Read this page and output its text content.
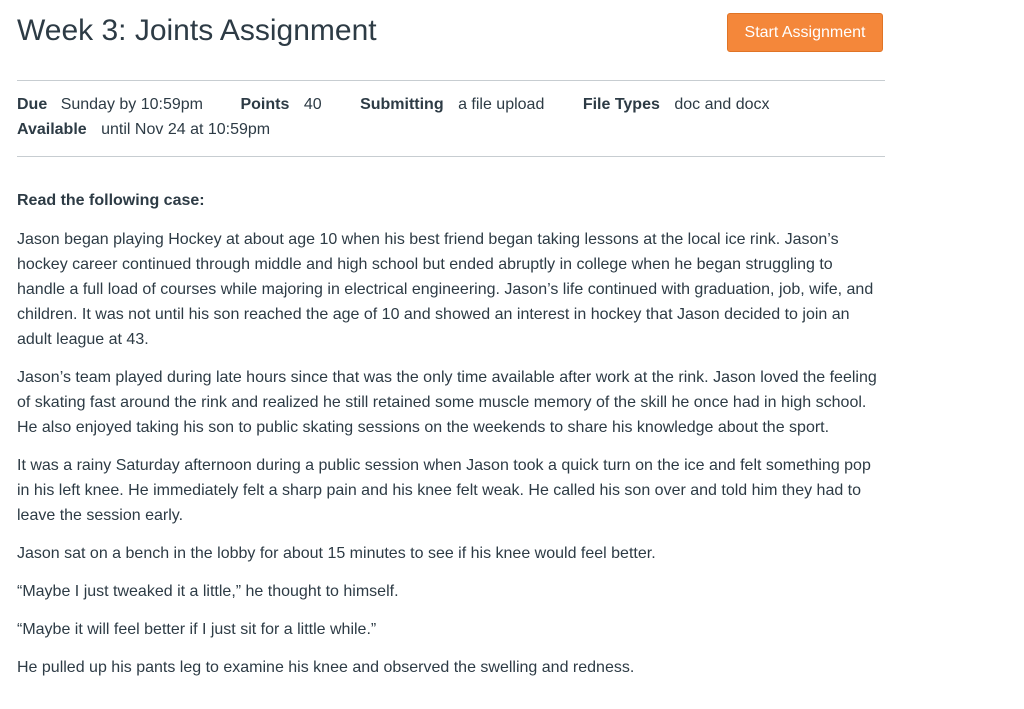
Week 3: Joints Assignment	Start Assignment
Due Sunday by 10:59pm Points 40 Submitting a file upload File Types doc and docx
Available until Nov 24 at 10:59pm

Read the following case:

Jason began playing Hockey at about age 10 when his best friend began taking lessons at the local ice rink. Jason’s hockey career continued through middle and high school but ended abruptly in college when he began struggling to handle a full load of courses while majoring in electrical engineering. Jason’s life continued with graduation, job, wife, and children. It was not until his son reached the age of 10 and showed an interest in hockey that Jason decided to join an adult league at 43.

Jason’s team played during late hours since that was the only time available after work at the rink. Jason loved the feeling of skating fast around the rink and realized he still retained some muscle memory of the skill he once had in high school. He also enjoyed taking his son to public skating sessions on the weekends to share his knowledge about the sport.

It was a rainy Saturday afternoon during a public session when Jason took a quick turn on the ice and felt something pop in his left knee. He immediately felt a sharp pain and his knee felt weak. He called his son over and told him they had to leave the session early.

Jason sat on a bench in the lobby for about 15 minutes to see if his knee would feel better.

“Maybe I just tweaked it a little,” he thought to himself.

“Maybe it will feel better if I just sit for a little while.”

He pulled up his pants leg to examine his knee and observed the swelling and redness.
